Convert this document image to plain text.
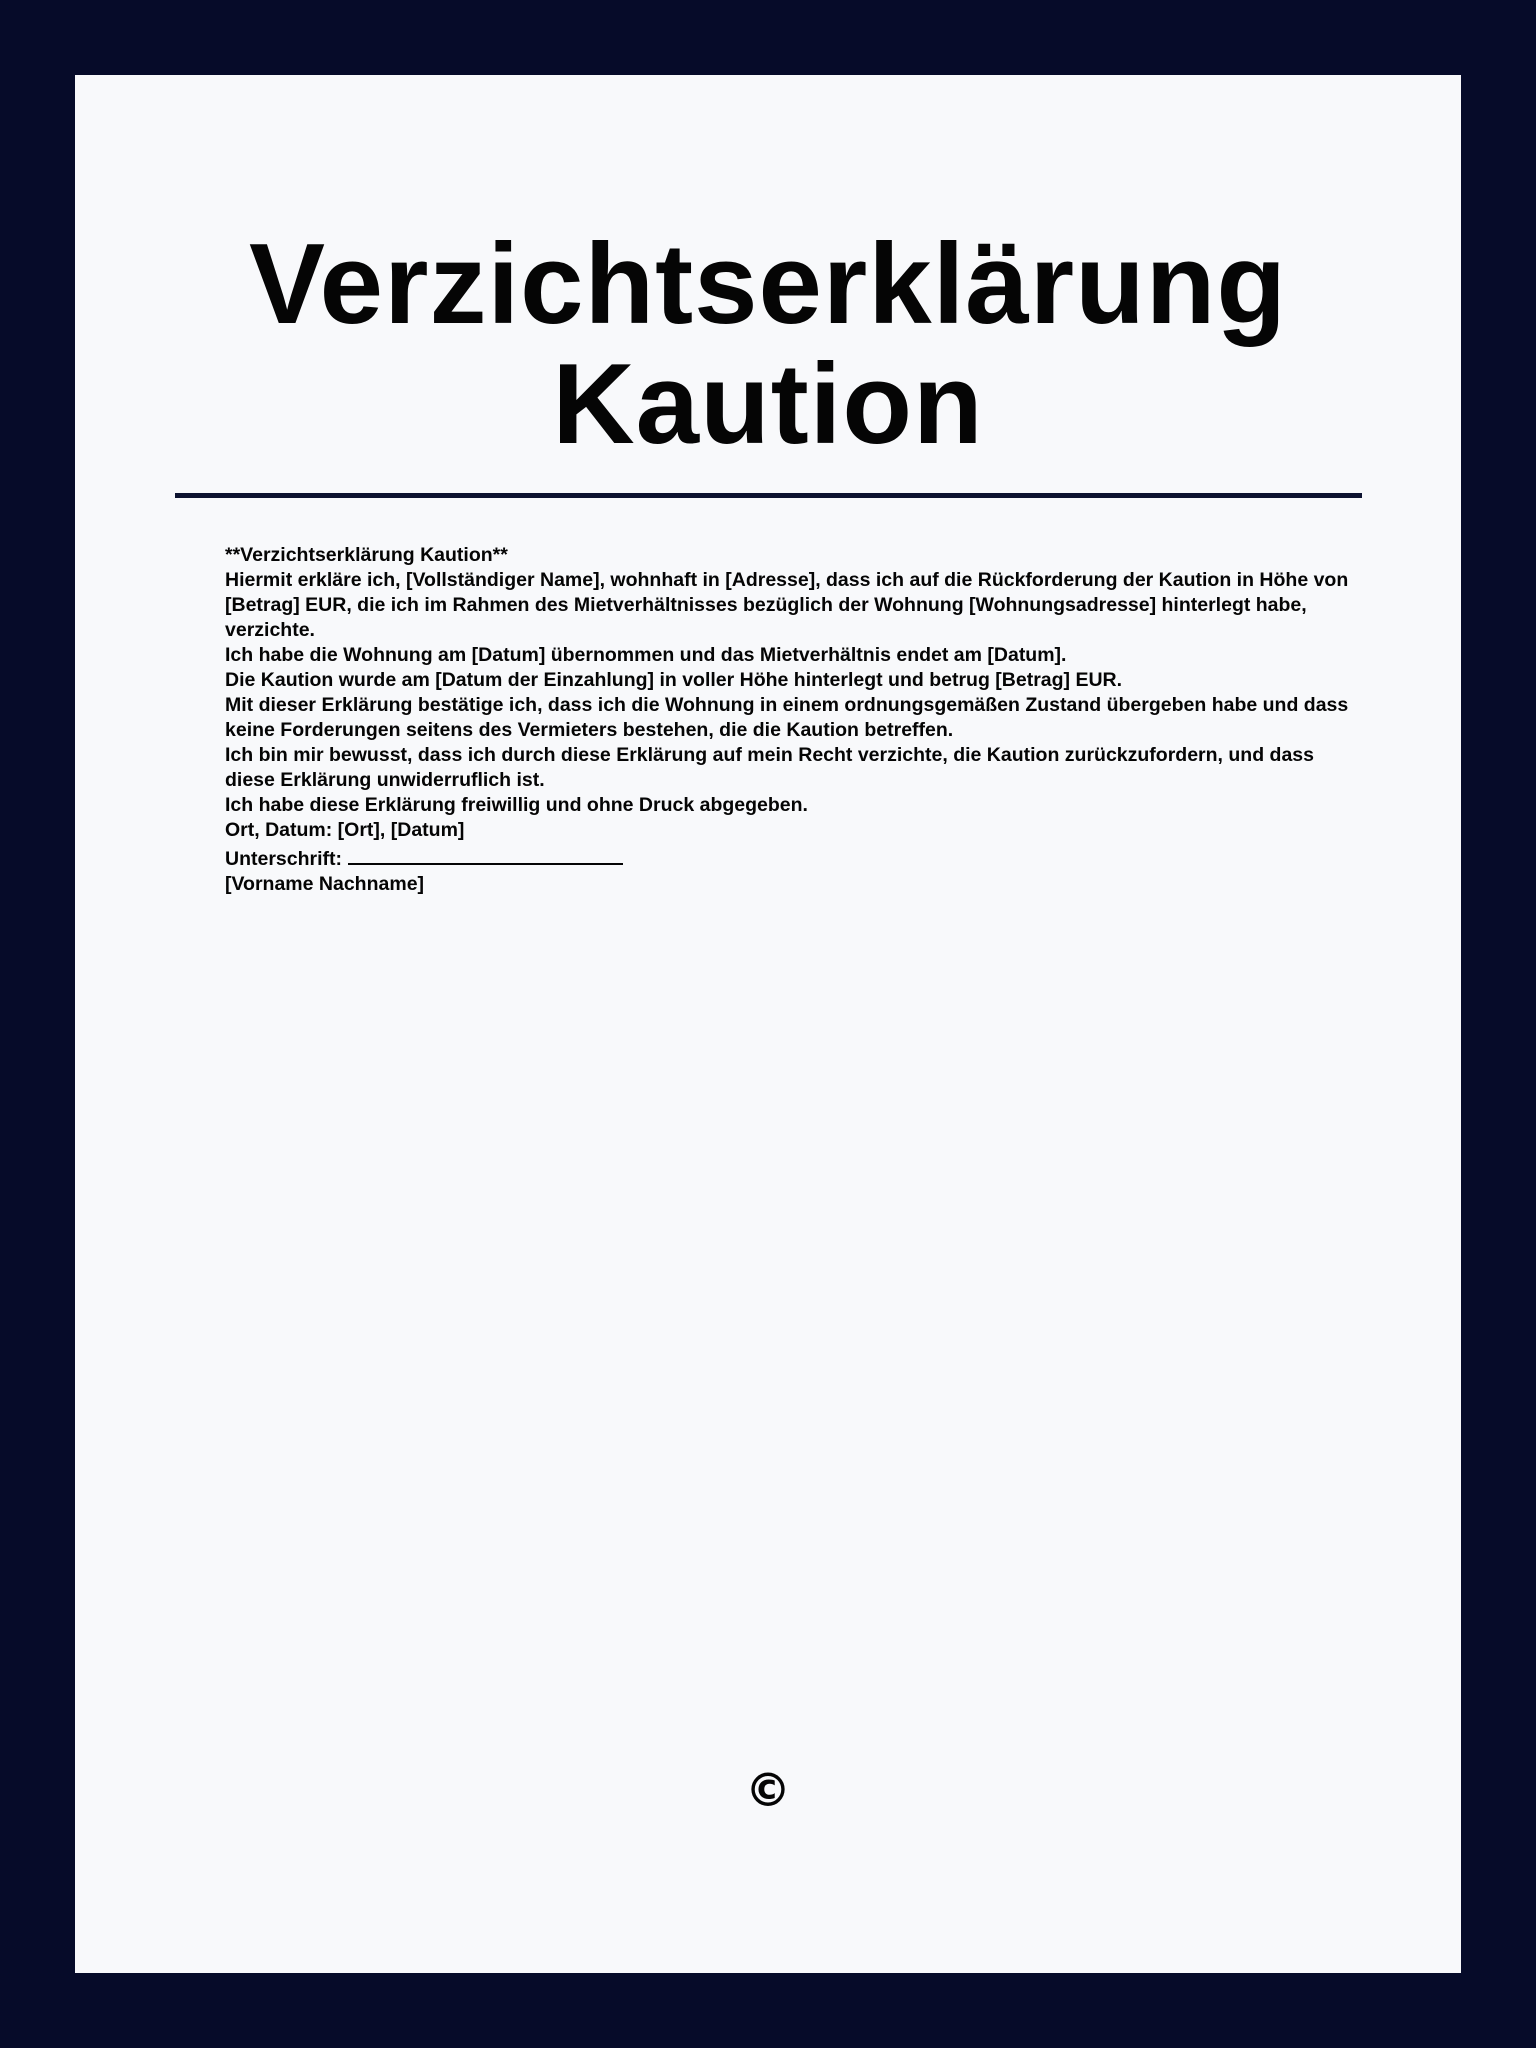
Verzichtserklärung
Kaution

**Verzichtserklärung Kaution**

Hiermit erkläre ich, [Vollständiger Name], wohnhaft in [Adresse], dass ich auf die Rückforderung der Kaution in Höhe von [Betrag] EUR, die ich im Rahmen des Mietverhältnisses bezüglich der Wohnung [Wohnungsadresse] hinterlegt habe, verzichte.

Ich habe die Wohnung am [Datum] übernommen und das Mietverhältnis endet am [Datum].

Die Kaution wurde am [Datum der Einzahlung] in voller Höhe hinterlegt und betrug [Betrag] EUR.

Mit dieser Erklärung bestätige ich, dass ich die Wohnung in einem ordnungsgemäßen Zustand übergeben habe und dass keine Forderungen seitens des Vermieters bestehen, die die Kaution betreffen.

Ich bin mir bewusst, dass ich durch diese Erklärung auf mein Recht verzichte, die Kaution zurückzufordern, und dass diese Erklärung unwiderruflich ist.

Ich habe diese Erklärung freiwillig und ohne Druck abgegeben.

Ort, Datum: [Ort], [Datum]

Unterschrift:

[Vorname Nachname]

©
